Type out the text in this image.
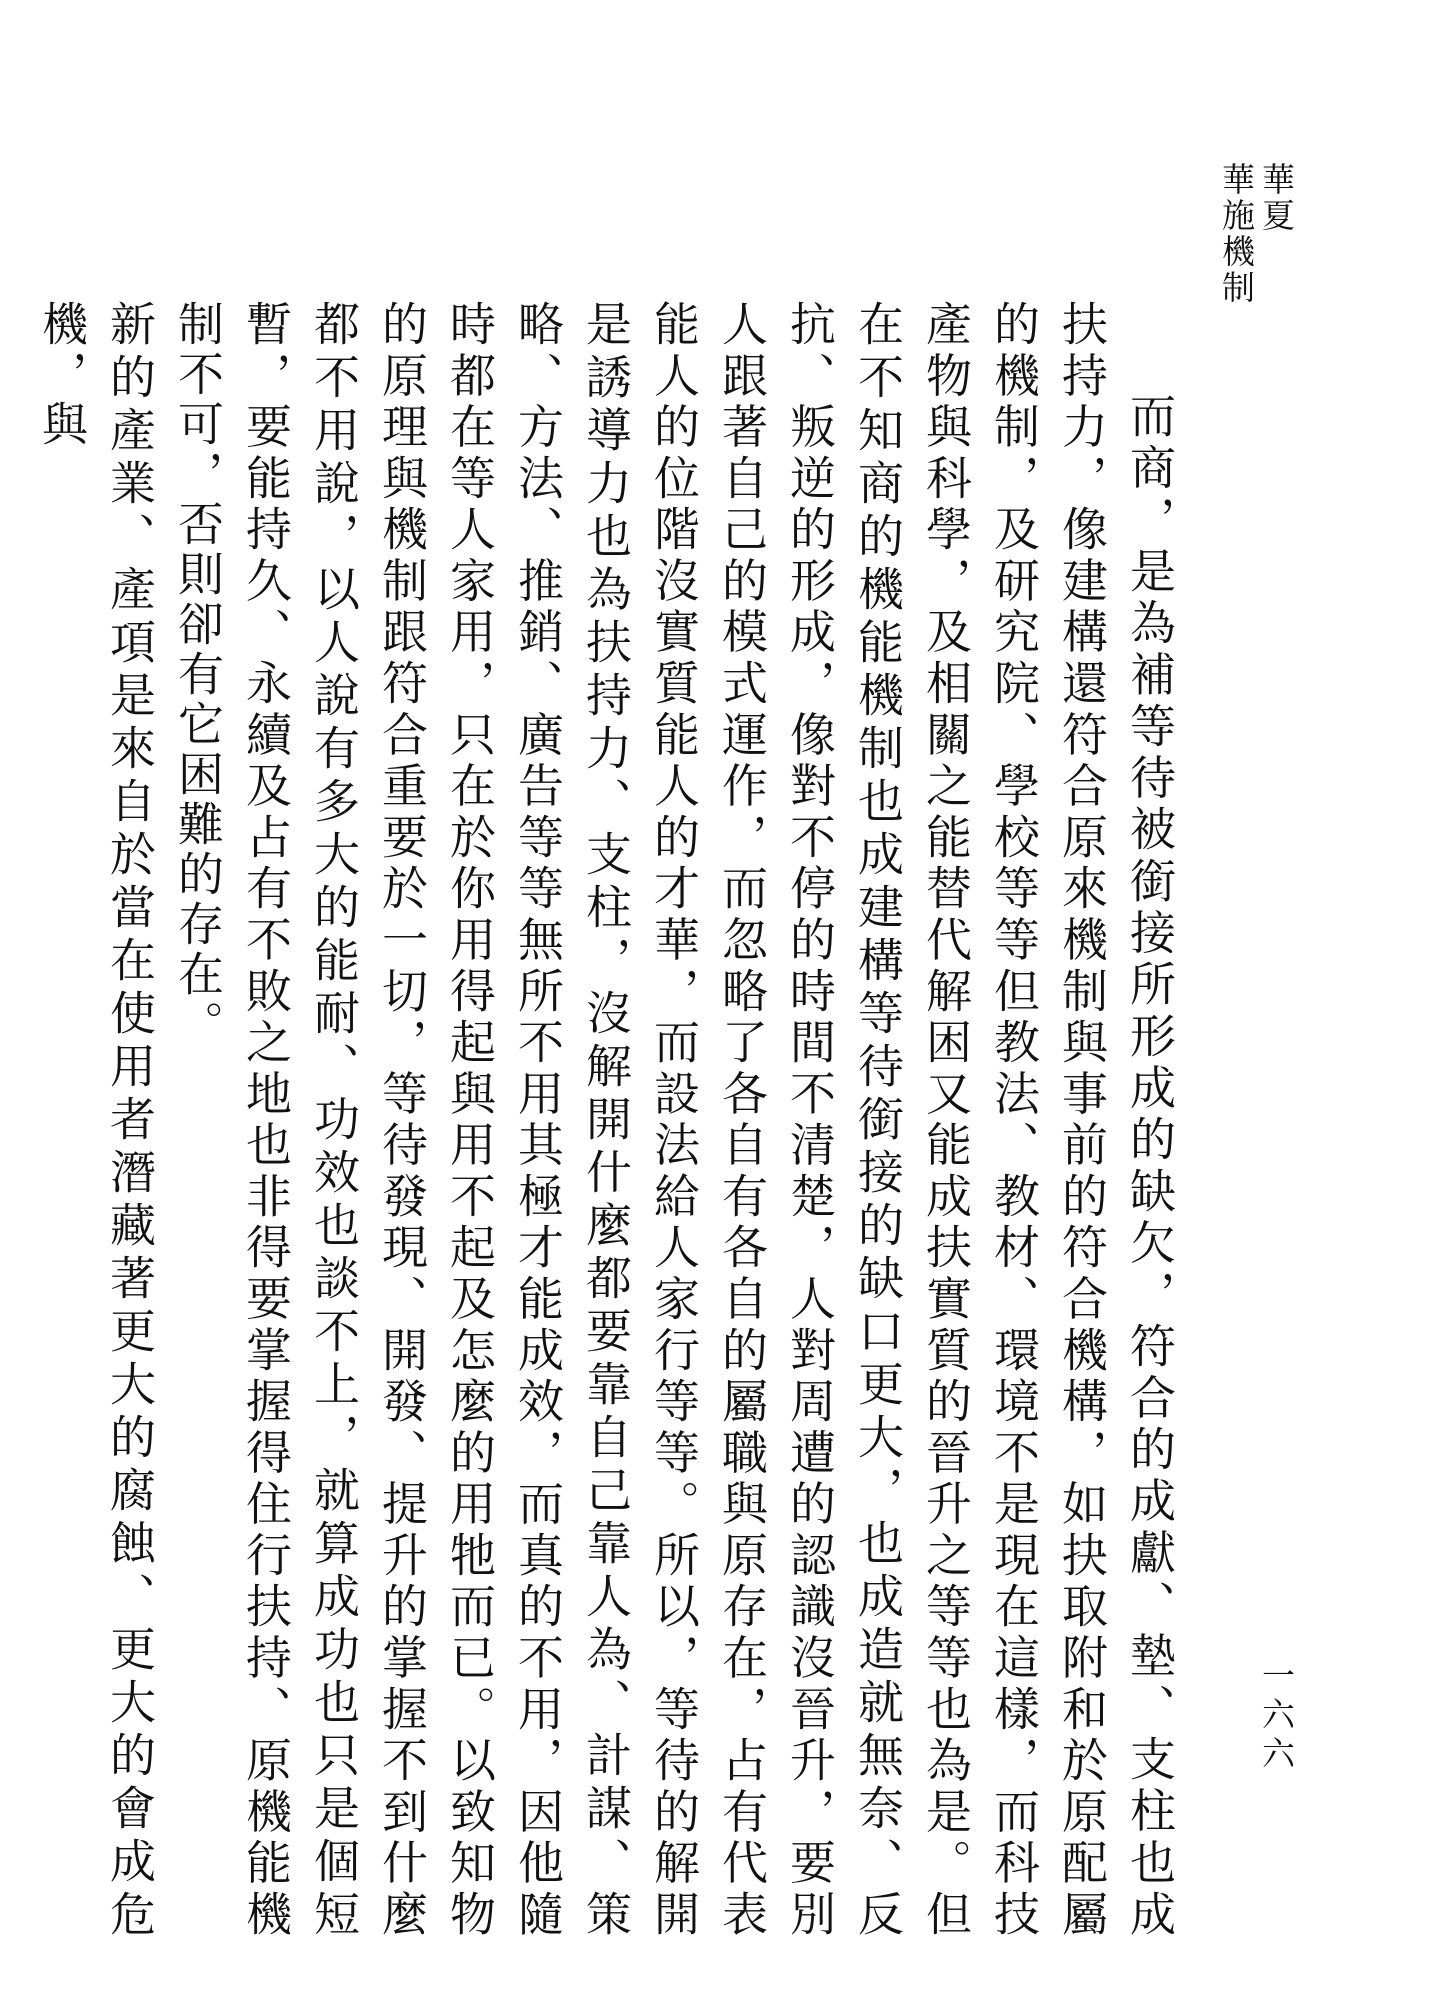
華夏
華施機制
一六六

而商，是為補等待被銜接所形成的缺欠，符合的成獻、墊、支柱也成扶持力，像建構還符合原來機制與事前的符合機構，如抉取附和於原配屬的機制，及研究院、學校等等但教法、教材、環境不是現在這樣，而科技產物與科學，及相關之能替代解困又能成扶實質的晉升之等等也為是。但在不知商的機能機制也成建構等待銜接的缺口更大，也成造就無奈、反抗、叛逆的形成，像對不停的時間不清楚，人對周遭的認識沒晉升，要別人跟著自己的模式運作，而忽略了各自有各自的屬職與原存在，占有代表能人的位階沒實質能人的才華，而設法給人家行等等。所以，等待的解開是誘導力也為扶持力、支柱，沒解開什麼都要靠自己靠人為、計謀、策略、方法、推銷、廣告等等無所不用其極才能成效，而真的不用，因他隨時都在等人家用，只在於你用得起與用不起及怎麼的用牠而已。以致知物的原理與機制跟符合重要於一切，等待發現、開發、提升的掌握不到什麼都不用說，以人說有多大的能耐、功效也談不上，就算成功也只是個短暫，要能持久、永續及占有不敗之地也非得要掌握得住行扶持、原機能機制不可，否則卻有它困難的存在。

新的產業、產項是來自於當在使用者潛藏著更大的腐蝕、更大的會成危機，與
